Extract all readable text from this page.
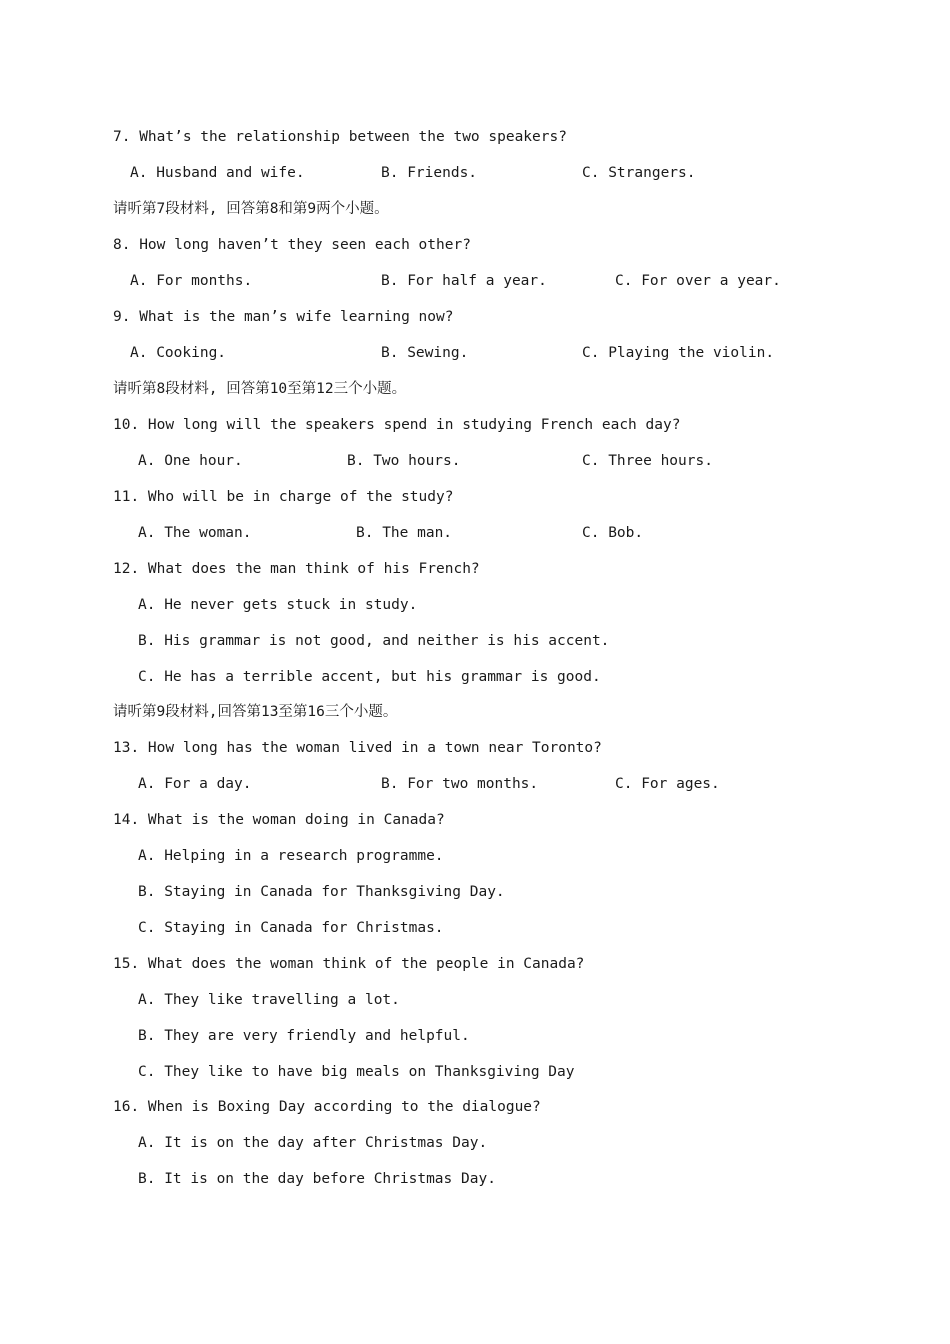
7. What’s the relationship between the two speakers?
A. Husband and wife.	B. Friends.	C. Strangers.
请听第7段材料, 回答第8和第9两个小题。
8. How long haven’t they seen each other?
A. For months.	B. For half a year.	C. For over a year.
9. What is the man’s wife learning now?
A. Cooking.	B. Sewing.	C. Playing the violin.
请听第8段材料, 回答第10至第12三个小题。
10. How long will the speakers spend in studying French each day?
A. One hour.	B. Two hours.	C. Three hours.
11. Who will be in charge of the study?
A. The woman.	B. The man.	C. Bob.
12. What does the man think of his French?
A. He never gets stuck in study.
B. His grammar is not good, and neither is his accent.
C. He has a terrible accent, but his grammar is good.
请听第9段材料,回答第13至第16三个小题。
13. How long has the woman lived in a town near Toronto?
A. For a day.	B. For two months.	C. For ages.
14. What is the woman doing in Canada?
A. Helping in a research programme.
B. Staying in Canada for Thanksgiving Day.
C. Staying in Canada for Christmas.
15. What does the woman think of the people in Canada?
A. They like travelling a lot.
B. They are very friendly and helpful.
C. They like to have big meals on Thanksgiving Day
16. When is Boxing Day according to the dialogue?
A. It is on the day after Christmas Day.
B. It is on the day before Christmas Day.
